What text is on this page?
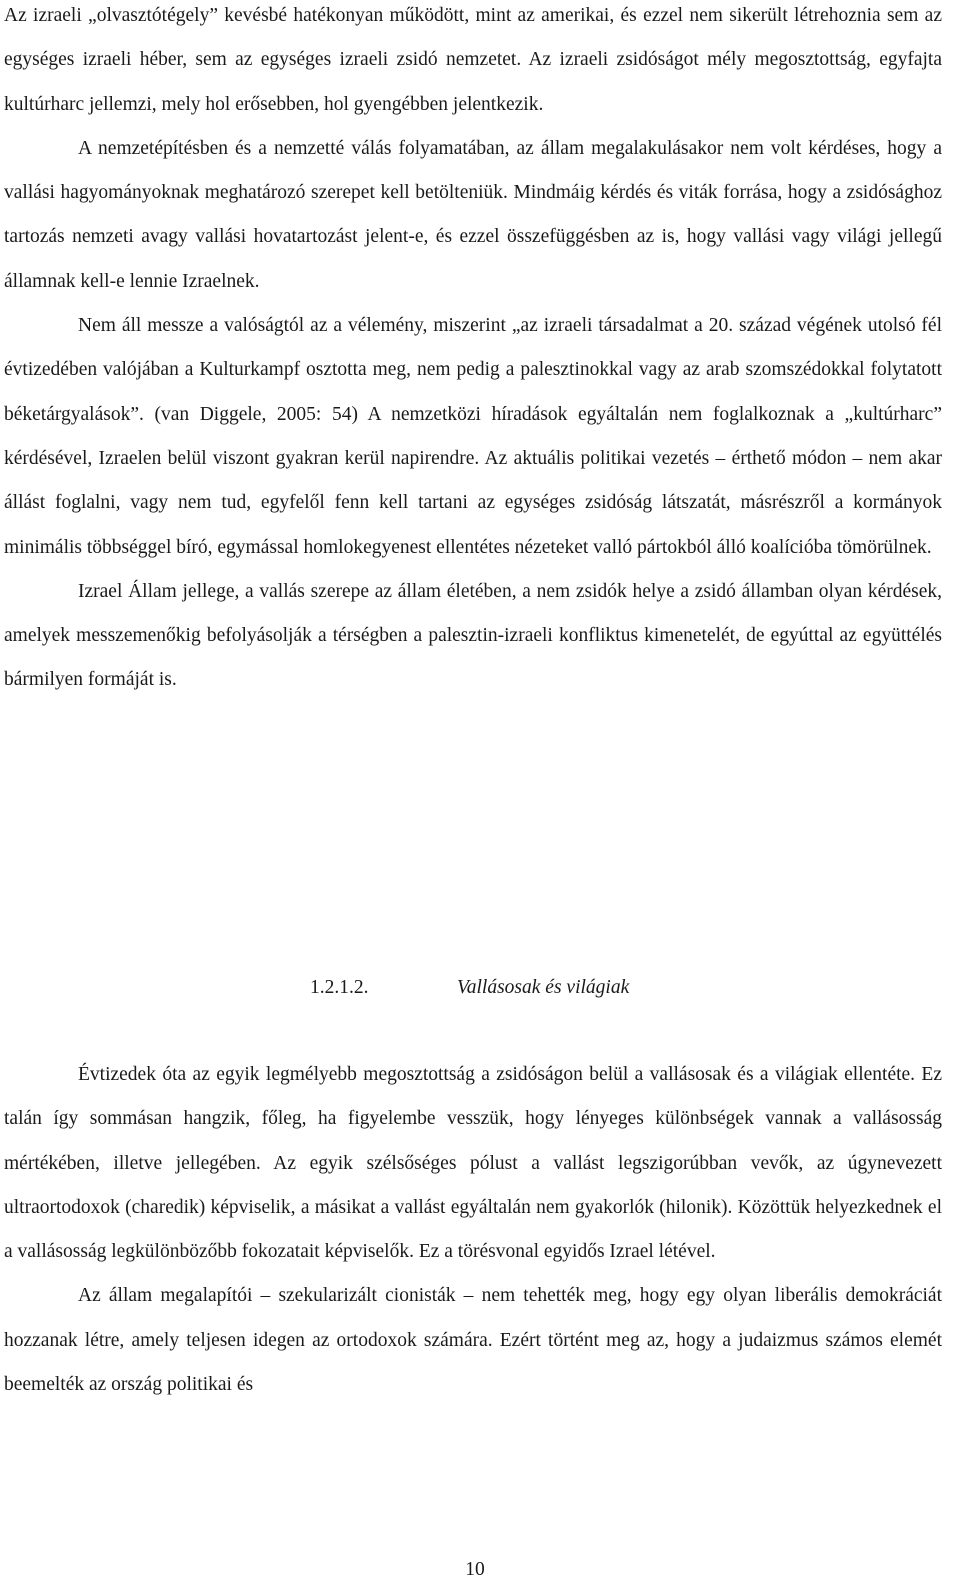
Az izraeli „olvasztótégely” kevésbé hatékonyan működött, mint az amerikai, és ezzel nem sikerült létrehoznia sem az egységes izraeli héber, sem az egységes izraeli zsidó nemzetet. Az izraeli zsidóságot mély megosztottság, egyfajta kultúrharc jellemzi, mely hol erősebben, hol gyengébben jelentkezik.

A nemzetépítésben és a nemzetté válás folyamatában, az állam megalakulásakor nem volt kérdéses, hogy a vallási hagyományoknak meghatározó szerepet kell betölteniük. Mindmáig kérdés és viták forrása, hogy a zsidósághoz tartozás nemzeti avagy vallási hovatartozást jelent-e, és ezzel összefüggésben az is, hogy vallási vagy világi jellegű államnak kell-e lennie Izraelnek.

Nem áll messze a valóságtól az a vélemény, miszerint „az izraeli társadalmat a 20. század végének utolsó fél évtizedében valójában a Kulturkampf osztotta meg, nem pedig a palesztinokkal vagy az arab szomszédokkal folytatott béketárgyalások”. (van Diggele, 2005: 54) A nemzetközi híradások egyáltalán nem foglalkoznak a „kultúrharc” kérdésével, Izraelen belül viszont gyakran kerül napirendre. Az aktuális politikai vezetés – érthető módon – nem akar állást foglalni, vagy nem tud, egyfelől fenn kell tartani az egységes zsidóság látszatát, másrészről a kormányok minimális többséggel bíró, egymással homlokegyenest ellentétes nézeteket valló pártokból álló koalícióba tömörülnek.

Izrael Állam jellege, a vallás szerepe az állam életében, a nem zsidók helye a zsidó államban olyan kérdések, amelyek messzemenőkig befolyásolják a térségben a palesztin-izraeli konfliktus kimenetelét, de egyúttal az együttélés bármilyen formáját is.

1.2.1.2.	Vallásosak és világiak

Évtizedek óta az egyik legmélyebb megosztottság a zsidóságon belül a vallásosak és a világiak ellentéte. Ez talán így sommásan hangzik, főleg, ha figyelembe vesszük, hogy lényeges különbségek vannak a vallásosság mértékében, illetve jellegében. Az egyik szélsőséges pólust a vallást legszigorúbban vevők, az úgynevezett ultraortodoxok (charedik) képviselik, a másikat a vallást egyáltalán nem gyakorlók (hilonik). Közöttük helyezkednek el a vallásosság legkülönbözőbb fokozatait képviselők. Ez a törésvonal egyidős Izrael létével.

Az állam megalapítói – szekularizált cionisták – nem tehették meg, hogy egy olyan liberális demokráciát hozzanak létre, amely teljesen idegen az ortodoxok számára. Ezért történt meg az, hogy a judaizmus számos elemét beemelték az ország politikai és

10
